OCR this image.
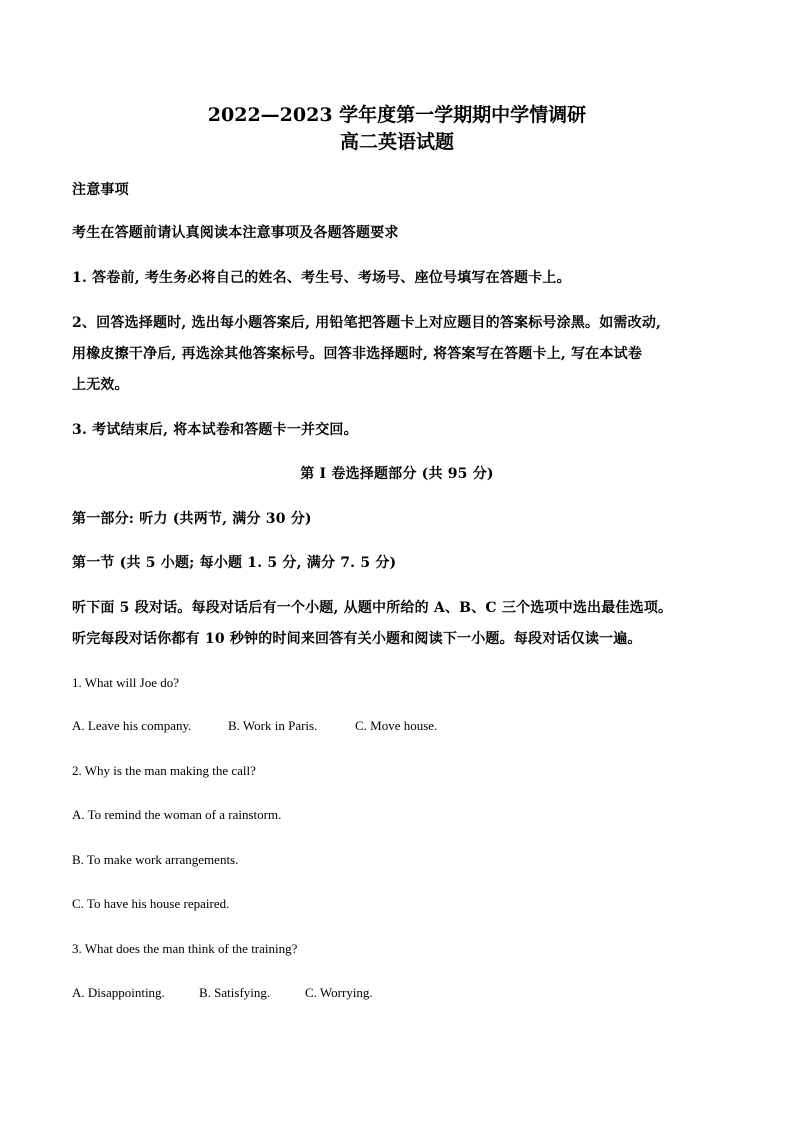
2022—2023 学年度第一学期期中学情调研

高二英语试题

注意事项

考生在答题前请认真阅读本注意事项及各题答题要求

1. 答卷前, 考生务必将自己的姓名、考生号、考场号、座位号填写在答题卡上。

2、回答选择题时, 选出每小题答案后, 用铅笔把答题卡上对应题目的答案标号涂黑。如需改动,

用橡皮擦干净后, 再选涂其他答案标号。回答非选择题时, 将答案写在答题卡上, 写在本试卷

上无效。

3. 考试结束后, 将本试卷和答题卡一并交回。

第 I 卷选择题部分 (共 95 分)

第一部分: 听力 (共两节, 满分 30 分)

第一节 (共 5 小题; 每小题 1. 5 分, 满分 7. 5 分)

听下面 5 段对话。每段对话后有一个小题, 从题中所给的 A、B、C 三个选项中选出最佳选项。

听完每段对话你都有 10 秒钟的时间来回答有关小题和阅读下一小题。每段对话仅读一遍。

1. What will Joe do?

A. Leave his company.	B. Work in Paris.	C. Move house.

2. Why is the man making the call?

A. To remind the woman of a rainstorm.
B. To make work arrangements.
C. To have his house repaired.

3. What does the man think of the training?

A. Disappointing.	B. Satisfying.	C. Worrying.
